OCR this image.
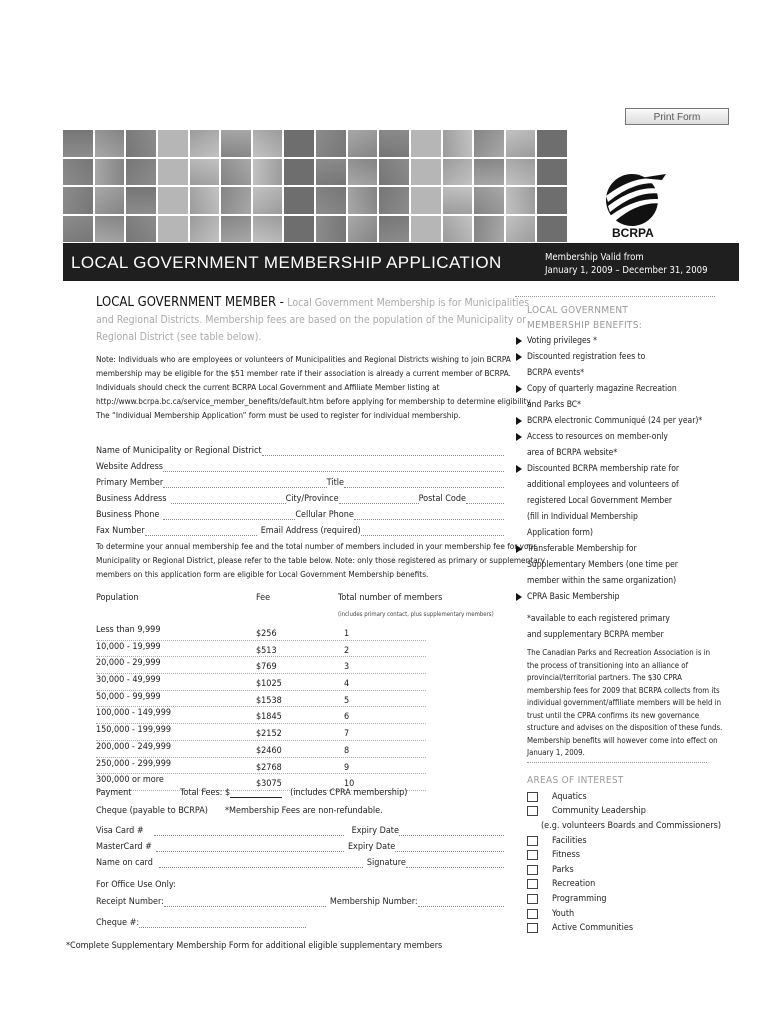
Print Form
BCRPA
LOCAL GOVERNMENT MEMBERSHIP APPLICATION	Membership Valid from
January 1, 2009 – December 31, 2009
LOCAL GOVERNMENT MEMBER - Local Government Membership is for Municipalities
and Regional Districts. Membership fees are based on the population of the Municipality or
Regional District (see table below).
Note: Individuals who are employees or volunteers of Municipalities and Regional Districts wishing to join BCRPA
membership may be eligible for the $51 member rate if their association is already a current member of BCRPA.
Individuals should check the current BCRPA Local Government and Affiliate Member listing at
http://www.bcrpa.bc.ca/service_member_benefits/default.htm before applying for membership to determine eligibility.
The “Individual Membership Application” form must be used to register for individual membership.
Name of Municipality or Regional District
Website Address
Primary Member	Title
Business Address	City/Province	Postal Code
Business Phone	Cellular Phone
Fax Number	Email Address (required)
To determine your annual membership fee and the total number of members included in your membership fee for your
Municipality or Regional District, please refer to the table below. Note: only those registered as primary or supplementary
members on this application form are eligible for Local Government Membership benefits.
Population	Fee	Total number of members
(includes primary contact, plus supplementary members)
Less than 9,999	$256	1
10,000 - 19,999	$513	2
20,000 - 29,999	$769	3
30,000 - 49,999	$1025	4
50,000 - 99,999	$1538	5
100,000 - 149,999	$1845	6
150,000 - 199,999	$2152	7
200,000 - 249,999	$2460	8
250,000 - 299,999	$2768	9
300,000 or more	$3075	10
Payment	Total Fees: $	(includes CPRA membership)
Cheque (payable to BCRPA) *Membership Fees are non-refundable.
Visa Card #	Expiry Date
MasterCard #	Expiry Date
Name on card	Signature
For Office Use Only:
Receipt Number:	Membership Number:
Cheque #:
*Complete Supplementary Membership Form for additional eligible supplementary members
LOCAL GOVERNMENT
MEMBERSHIP BENEFITS:
Voting privileges *
Discounted registration fees to
BCRPA events*
Copy of quarterly magazine Recreation
and Parks BC*
BCRPA electronic Communiqué (24 per year)*
Access to resources on member-only
area of BCRPA website*
Discounted BCRPA membership rate for
additional employees and volunteers of
registered Local Government Member
(fill in Individual Membership
Application form)
Transferable Membership for
Supplementary Members (one time per
member within the same organization)
CPRA Basic Membership
*available to each registered primary
and supplementary BCRPA member
The Canadian Parks and Recreation Association is in
the process of transitioning into an alliance of
provincial/territorial partners. The $30 CPRA
membership fees for 2009 that BCRPA collects from its
individual government/affiliate members will be held in
trust until the CPRA confirms its new governance
structure and advises on the disposition of these funds.
Membership benefits will however come into effect on
January 1, 2009.
AREAS OF INTEREST
Aquatics
Community Leadership
(e.g. volunteers Boards and Commissioners)
Facilities
Fitness
Parks
Recreation
Programming
Youth
Active Communities
